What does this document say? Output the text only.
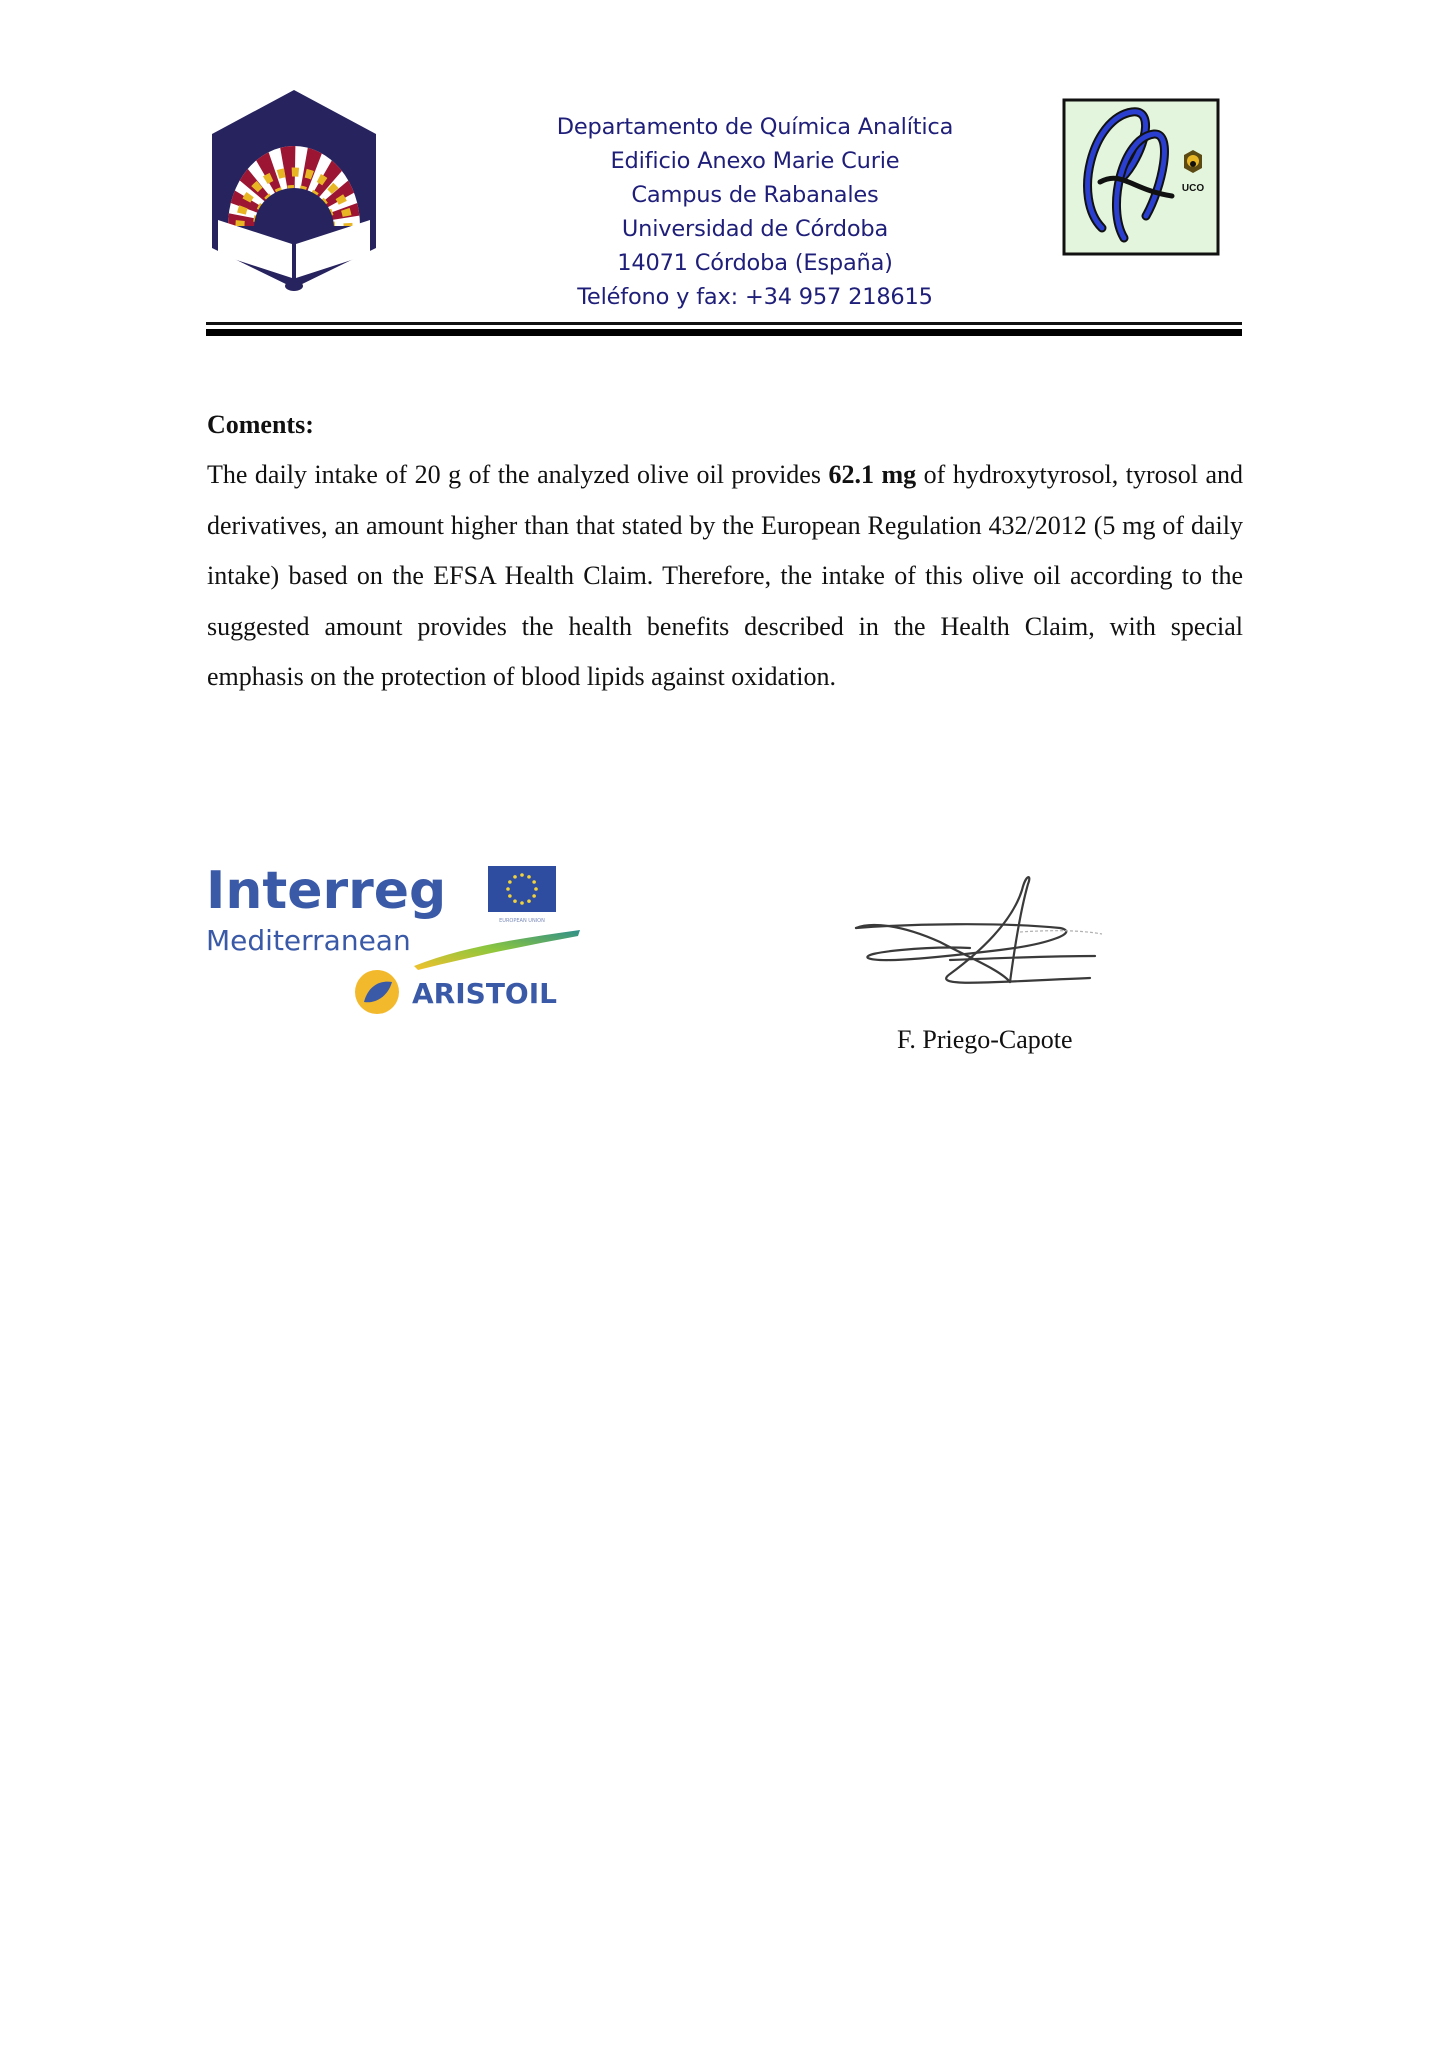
Departamento de Química Analítica
Edificio Anexo Marie Curie
Campus de Rabanales
Universidad de Córdoba
14071 Córdoba (España)
Teléfono y fax: +34 957 218615
UCO
Coments:
The daily intake of 20 g of the analyzed olive oil provides 62.1 mg of hydroxytyrosol, tyrosol and derivatives, an amount higher than that stated by the European Regulation 432/2012 (5 mg of daily intake) based on the EFSA Health Claim. Therefore, the intake of this olive oil according to the suggested amount provides the health benefits described in the Health Claim, with special emphasis on the protection of blood lipids against oxidation.
Interreg	EUROPEAN UNION
Mediterranean
ARISTOIL
F. Priego-Capote
